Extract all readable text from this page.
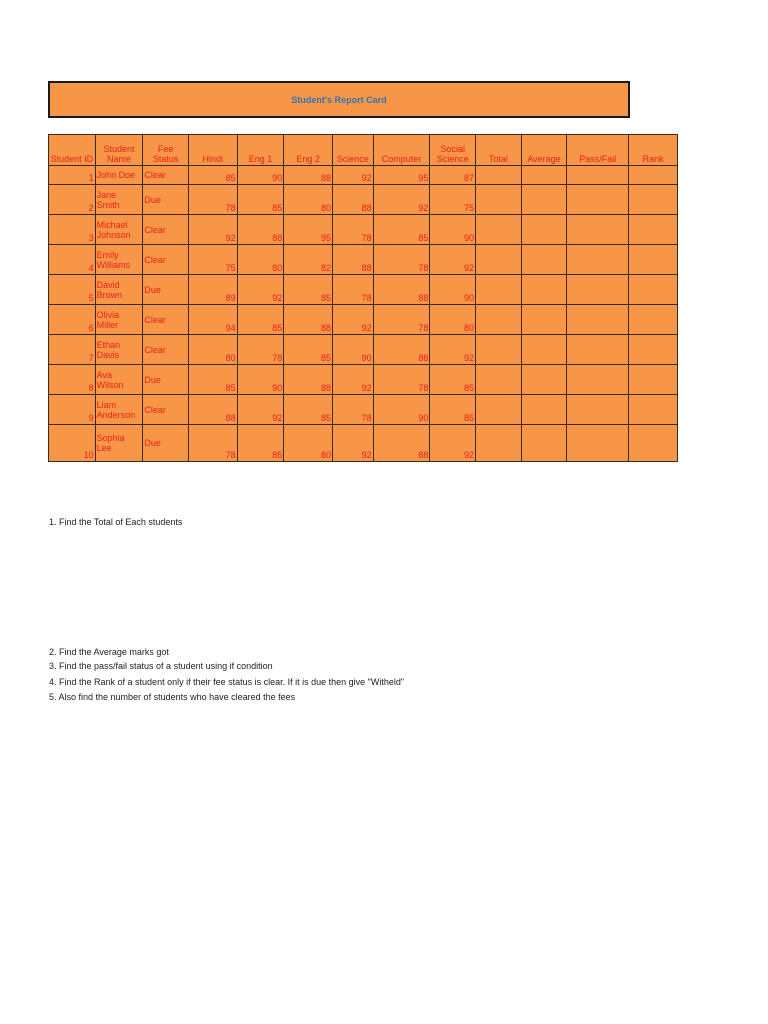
Student's Report Card
Student ID	Student Name	Fee Status	Hindi	Eng 1	Eng 2	Science	Computer	Social Science	Total	Average	Pass/Fail	Rank
1	John Doe	Clear	85	90	88	92	95	87				
2	Jane Smith	Due	78	85	80	88	92	75				
3	Michael Johnson	Clear	92	88	95	78	85	90				
4	Emily Williams	Clear	75	80	82	88	78	92				
5	David Brown	Due	89	92	85	78	88	90				
6	Olivia Miller	Clear	94	85	88	92	78	80				
7	Ethan Davis	Clear	80	78	85	90	88	92				
8	Ava Wilson	Due	85	90	88	92	78	85				
9	Liam Anderson	Clear	88	92	85	78	90	85				
10	Sophia Lee	Due	78	85	80	92	88	92				
1. Find the Total of Each students
2. Find the Average marks got
3. Find the pass/fail status of a student using if condition
4. Find the Rank of a student only if their fee status is clear. If it is due then give "Witheld"
5. Also find the number of students who have cleared the fees
